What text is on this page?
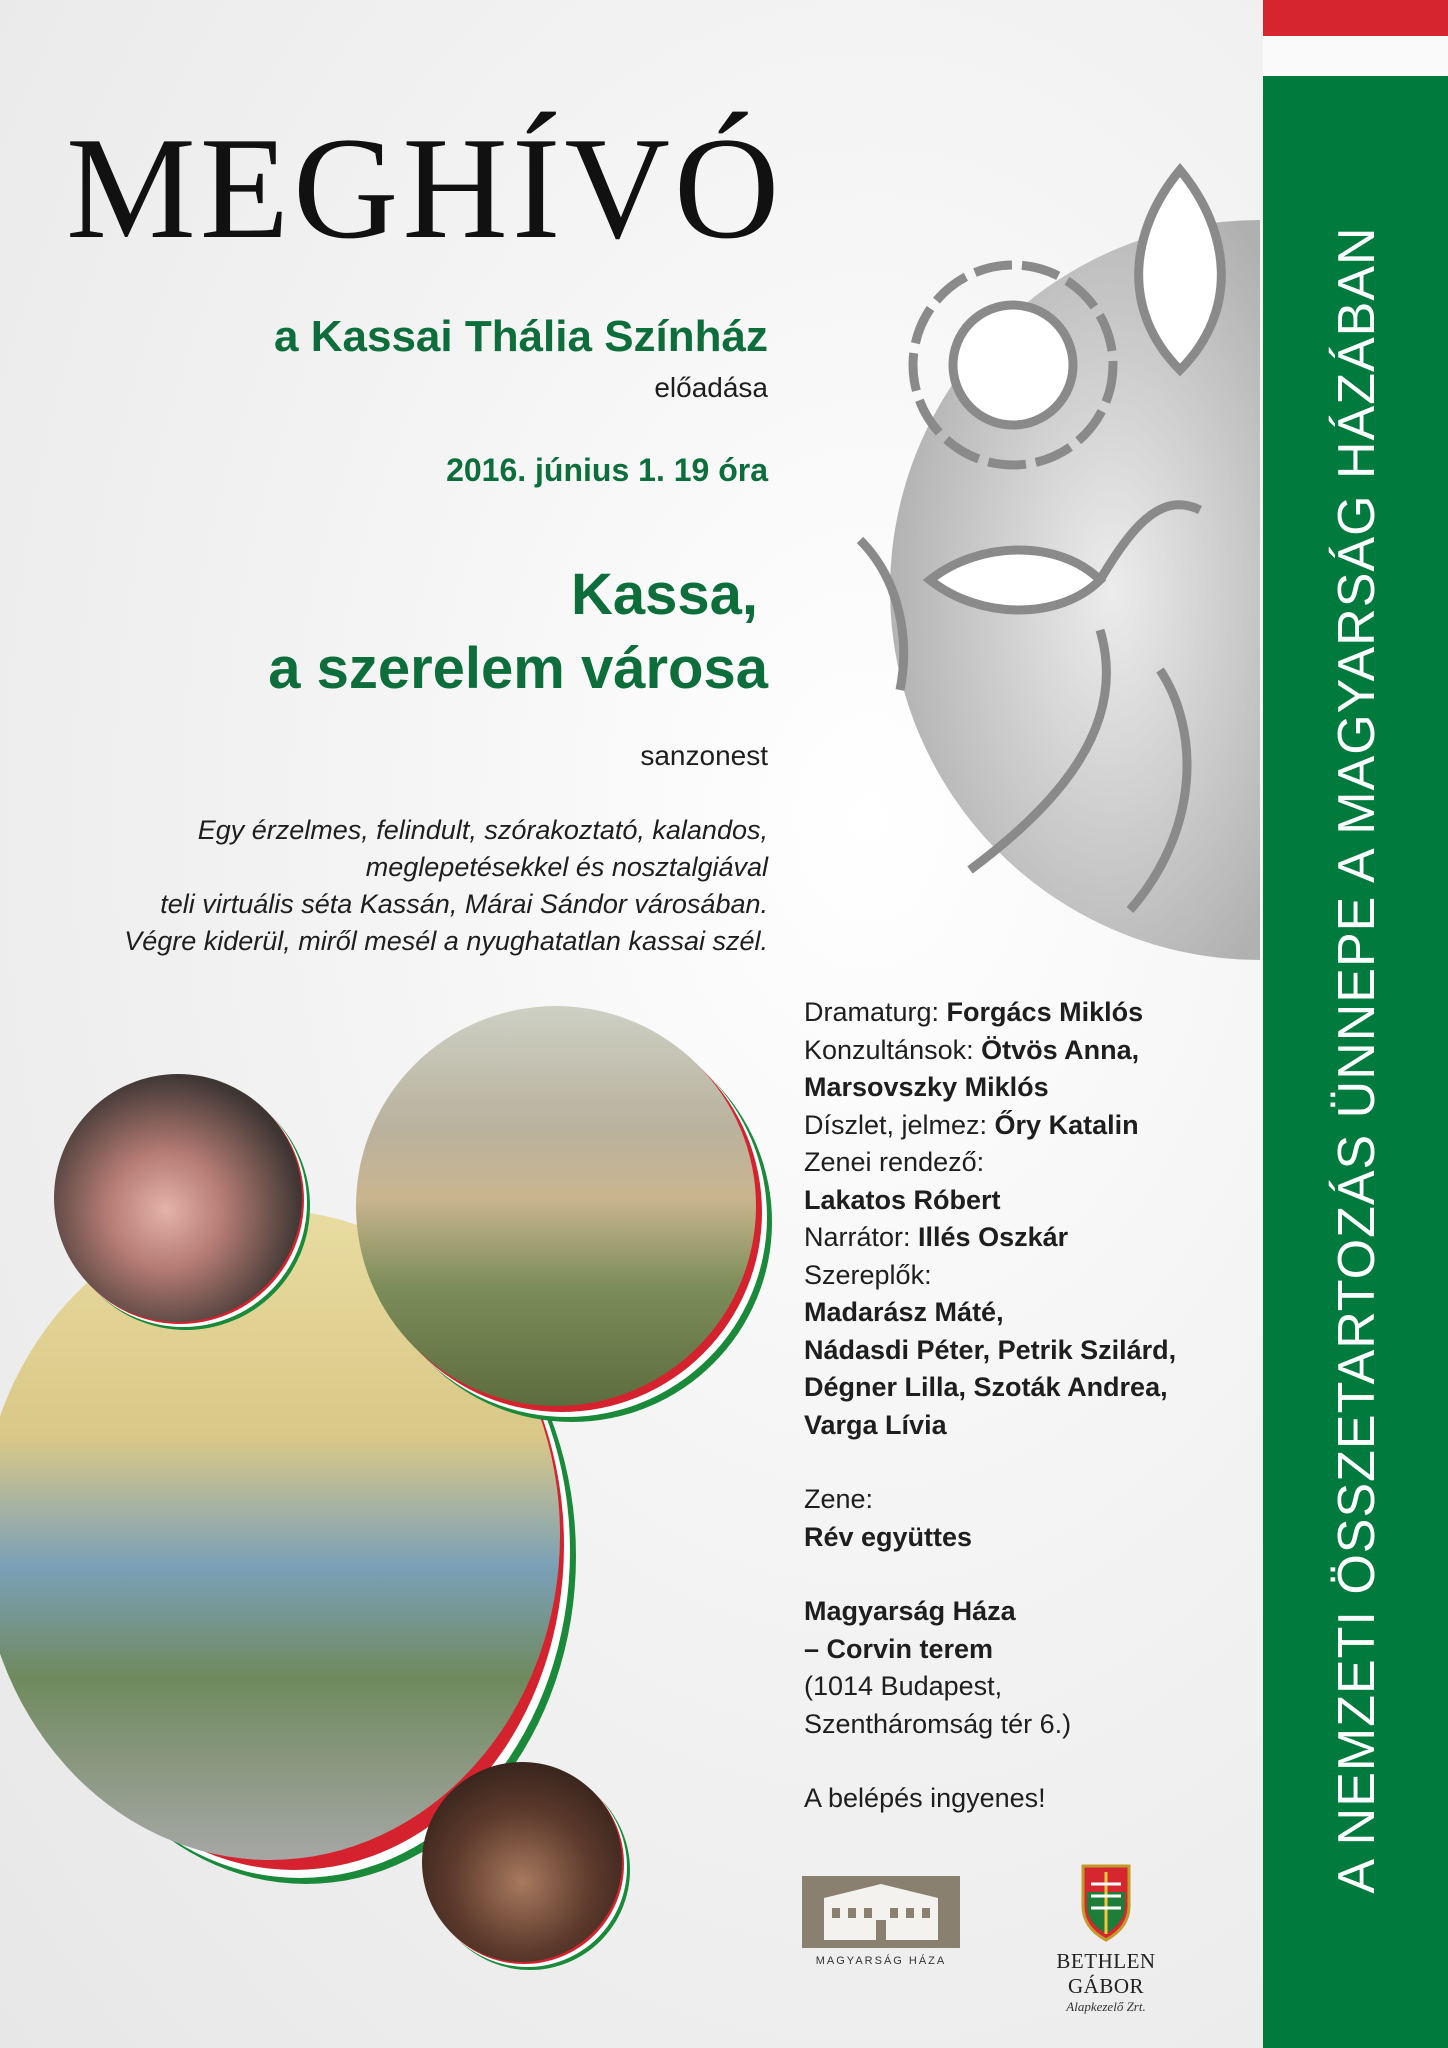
A NEMZETI ÖSSZETARTOZÁS ÜNNEPE A MAGYARSÁG HÁZÁBAN
MEGHÍVÓ
a Kassai Thália Színház
előadása
2016. június 1. 19 óra
Kassa,
a szerelem városa
sanzonest
Egy érzelmes, felindult, szórakoztató, kalandos,
meglepetésekkel és nosztalgiával
teli virtuális séta Kassán, Márai Sándor városában.
Végre kiderül, miről mesél a nyughatatlan kassai szél.
Dramaturg: Forgács Miklós
Konzultánsok: Ötvös Anna,
Marsovszky Miklós
Díszlet, jelmez: Őry Katalin
Zenei rendező:
Lakatos Róbert
Narrátor: Illés Oszkár
Szereplők:
Madarász Máté,
Nádasdi Péter, Petrik Szilárd,
Dégner Lilla, Szoták Andrea,
Varga Lívia
Zene:
Rév együttes
Magyarság Háza
– Corvin terem
(1014 Budapest,
Szentháromság tér 6.)
A belépés ingyenes!
MAGYARSÁG HÁZA	BETHLEN GÁBOR
Alapkezelő Zrt.
